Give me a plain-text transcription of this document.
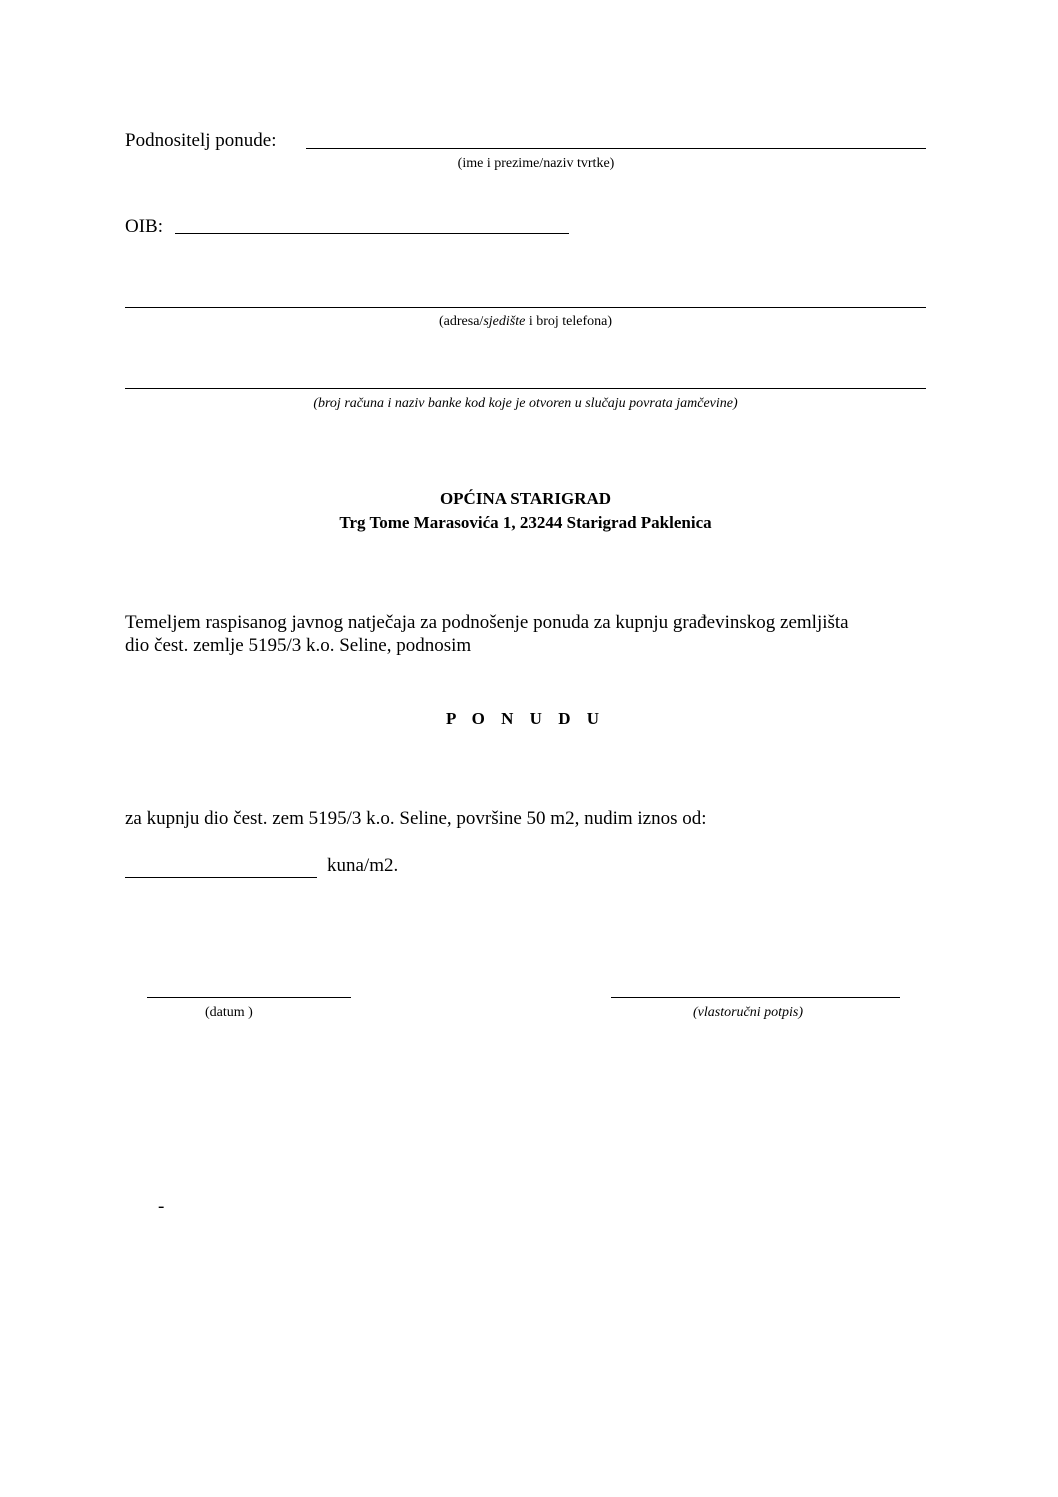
Podnositelj ponude:
(ime i prezime/naziv tvrtke)
OIB:
(adresa/sjedište i broj telefona)
(broj računa i naziv banke kod koje je otvoren u slučaju povrata jamčevine)
OPĆINA STARIGRAD
Trg Tome Marasovića 1, 23244 Starigrad Paklenica
Temeljem raspisanog javnog natječaja za podnošenje ponuda za kupnju građevinskog zemljišta
dio čest. zemlje 5195/3 k.o. Seline, podnosim
P O N U D U
za kupnju dio čest. zem 5195/3 k.o. Seline, površine 50 m2, nudim iznos od:
kuna/m2.
(datum )	(vlastoručni potpis)
-
